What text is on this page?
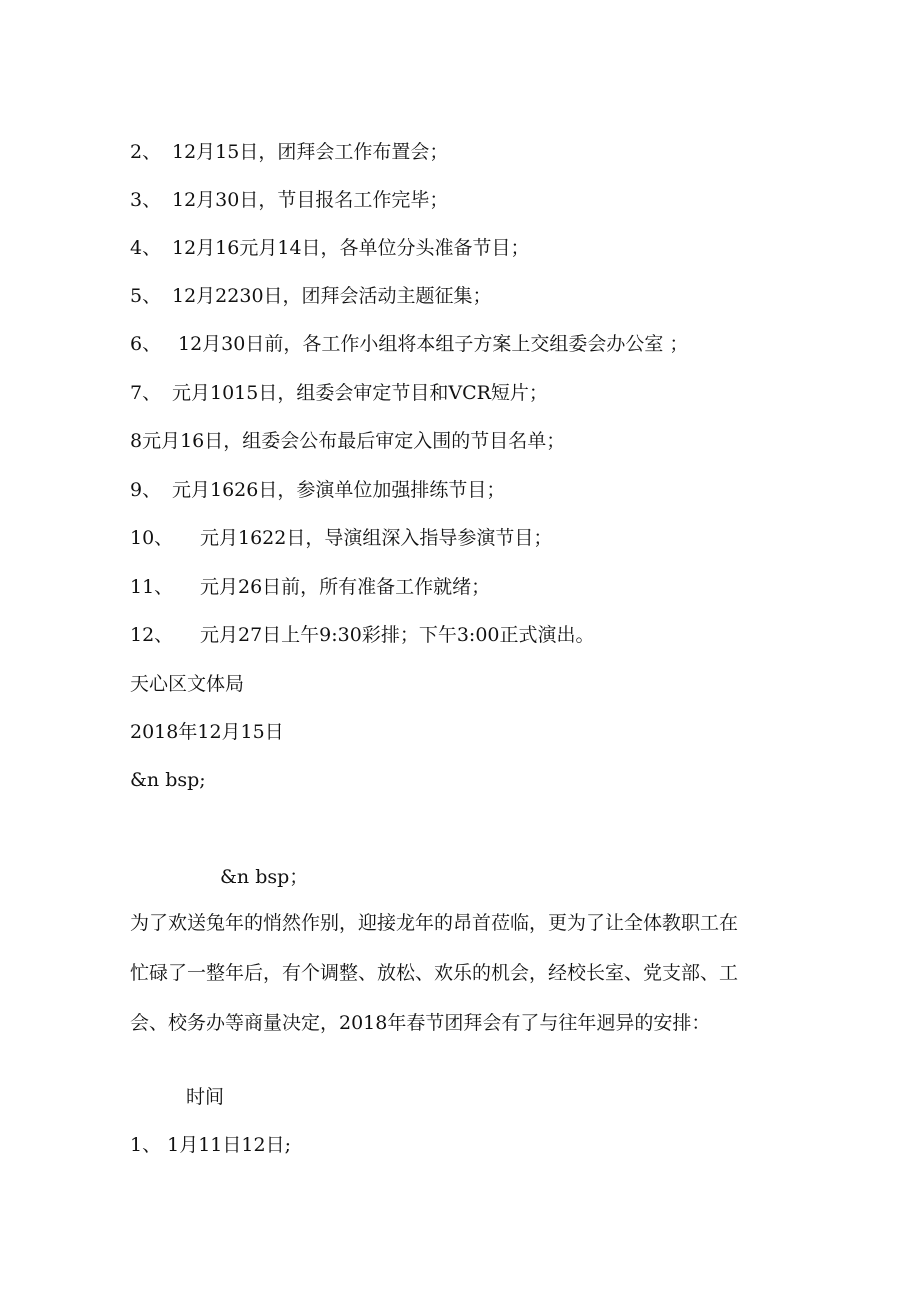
2、 12月15日，团拜会工作布置会；
3、 12月30日，节目报名工作完毕；
4、 12月16元月14日，各单位分头准备节目；
5、 12月2230日，团拜会活动主题征集；
6、 12月30日前，各工作小组将本组子方案上交组委会办公室 ；
7、 元月1015日，组委会审定节目和VCR短片；
8元月16日，组委会公布最后审定入围的节目名单；
9、 元月1626日，参演单位加强排练节目；
10、 元月1622日，导演组深入指导参演节目；
11、 元月26日前，所有准备工作就绪；
12、 元月27日上午9:30彩排；下午3:00正式演出。
天心区文体局
2018年12月15日
&n bsp;
&n bsp；
为了欢送兔年的悄然作别，迎接龙年的昂首莅临，更为了让全体教职工在忙碌了一整年后，有个调整、放松、欢乐的机会，经校长室、党支部、工会、校务办等商量决定，2018年春节团拜会有了与往年迥异的安排：
时间
1、 1月11日12日;
